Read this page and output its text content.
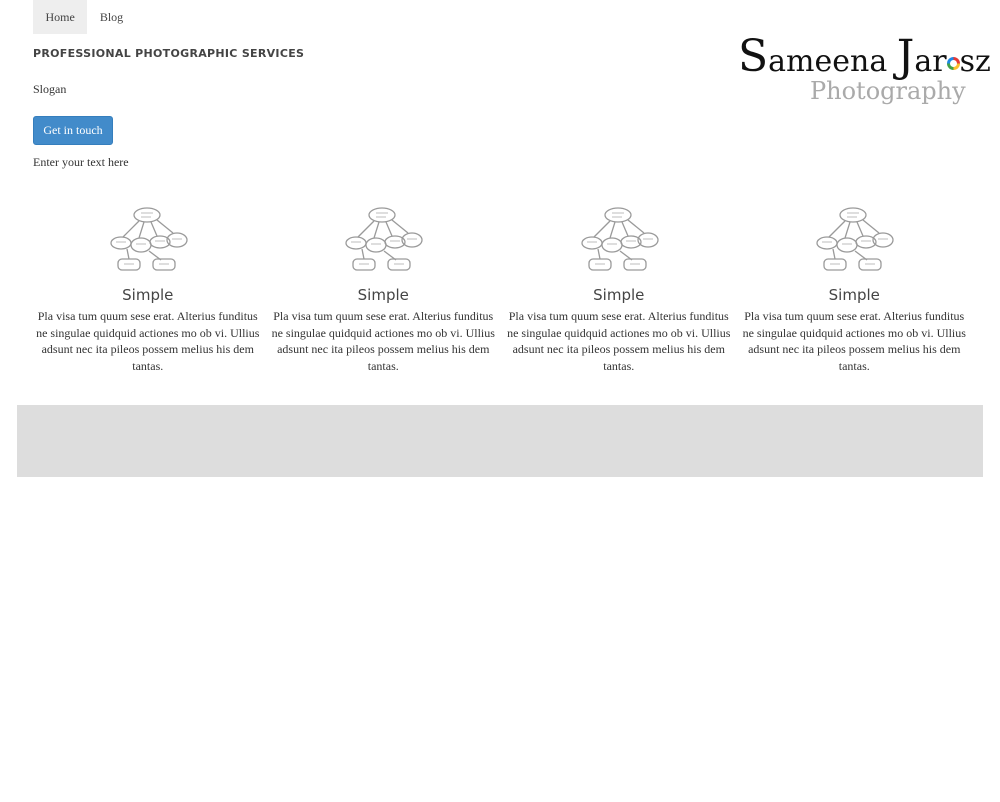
Home	Blog
PROFESSIONAL PHOTOGRAPHIC SERVICES

Slogan

Get in touch

Enter your text here

Sameena Jar sz
Photography
Simple

Pla visa tum quum sese erat. Alterius funditus ne singulae quidquid actiones mo ob vi. Ullius adsunt nec ita pileos possem melius his dem tantas.

Simple

Pla visa tum quum sese erat. Alterius funditus ne singulae quidquid actiones mo ob vi. Ullius adsunt nec ita pileos possem melius his dem tantas.

Simple

Pla visa tum quum sese erat. Alterius funditus ne singulae quidquid actiones mo ob vi. Ullius adsunt nec ita pileos possem melius his dem tantas.

Simple

Pla visa tum quum sese erat. Alterius funditus ne singulae quidquid actiones mo ob vi. Ullius adsunt nec ita pileos possem melius his dem tantas.
